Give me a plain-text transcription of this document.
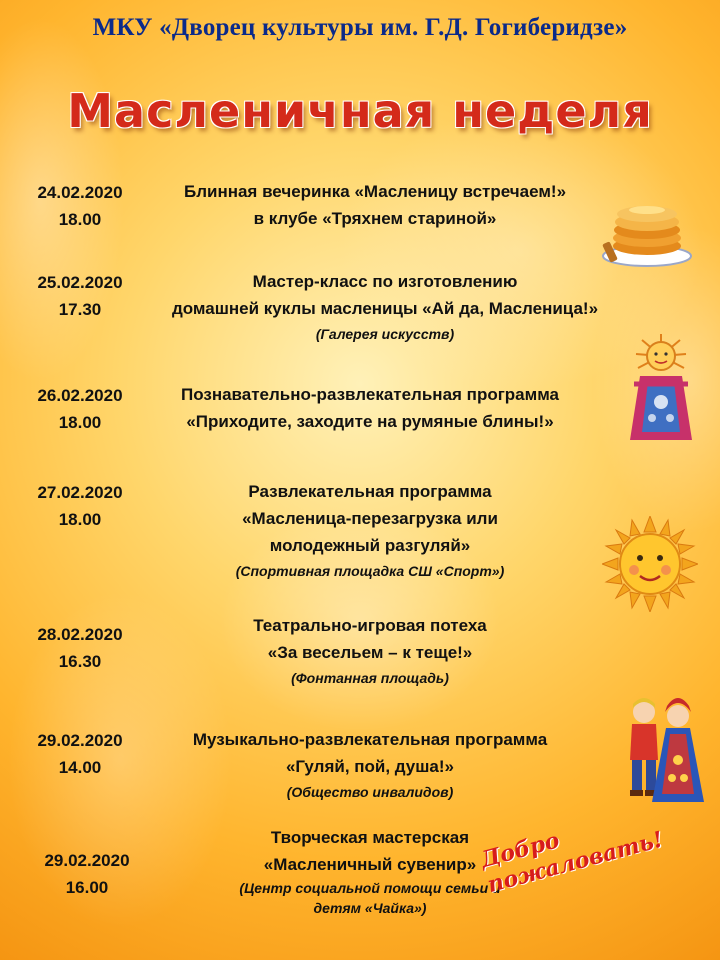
МКУ «Дворец культуры им. Г.Д. Гогиберидзе»
Масленичная неделя
24.02.2020
18.00
Блинная вечеринка «Масленицу встречаем!»
в клубе «Тряхнем стариной»
25.02.2020
17.30
Мастер-класс по изготовлению
домашней куклы масленицы «Ай да, Масленица!»
(Галерея искусств)
26.02.2020
18.00
Познавательно-развлекательная программа
«Приходите, заходите на румяные блины!»
27.02.2020
18.00
Развлекательная программа
«Масленица-перезагрузка или
молодежный разгуляй»
(Спортивная площадка СШ «Спорт»)
28.02.2020
16.30
Театрально-игровая потеха
«За весельем – к теще!»
(Фонтанная площадь)
29.02.2020
14.00
Музыкально-развлекательная программа
«Гуляй, пой, душа!»
(Общество инвалидов)
29.02.2020
16.00
Творческая мастерская
«Масленичный сувенир»
(Центр социальной помощи семьи и детям «Чайка»)
Добро пожаловать!
